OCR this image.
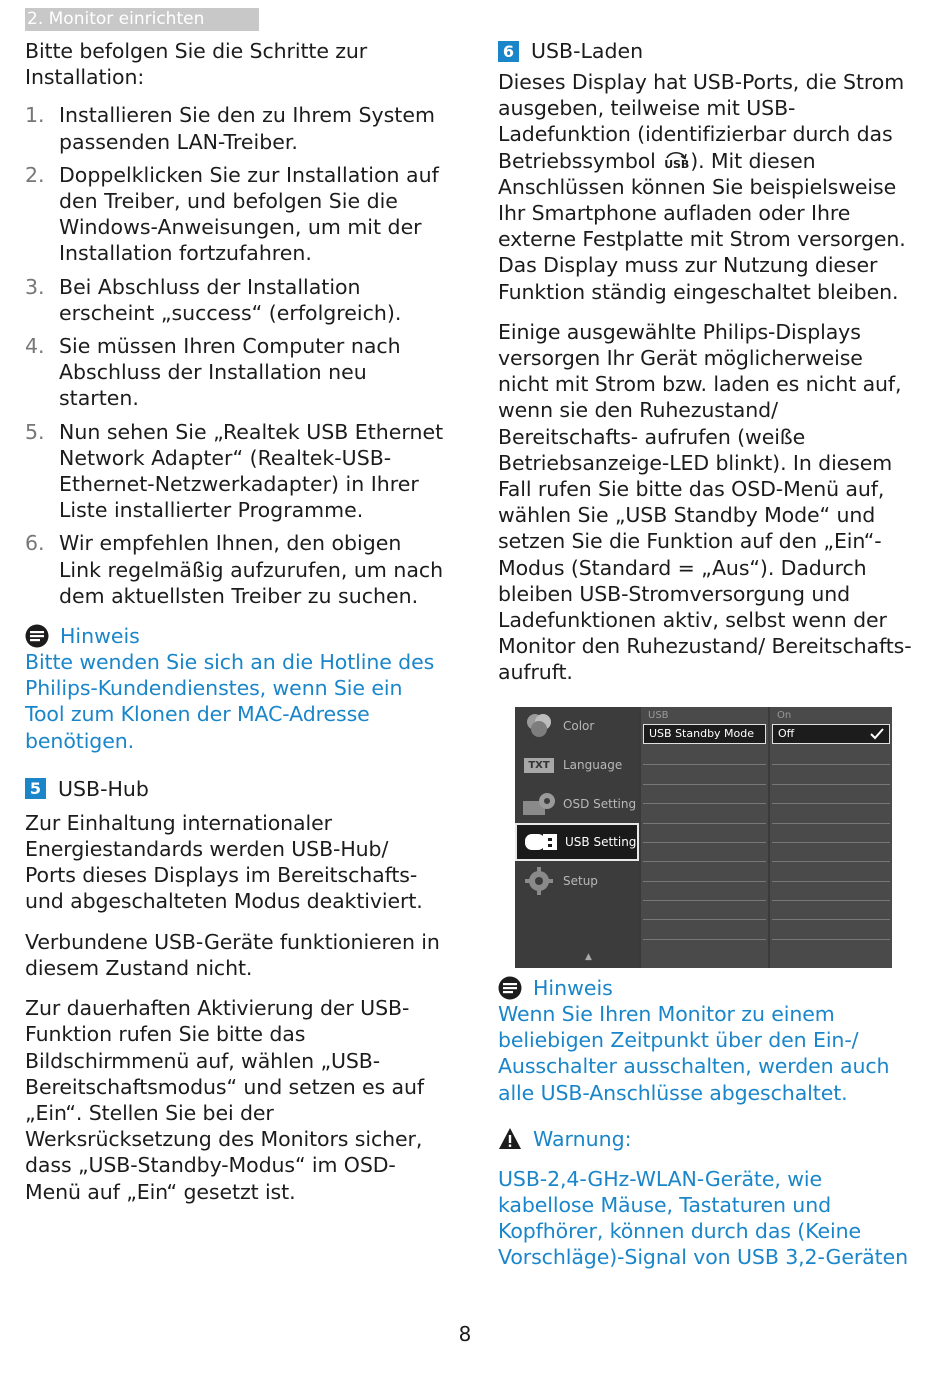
2. Monitor einrichten

Bitte befolgen Sie die Schritte zur Installation:

1. Installieren Sie den zu Ihrem System passenden LAN-Treiber.
2. Doppelklicken Sie zur Installation auf den Treiber, und befolgen Sie die Windows-Anweisungen, um mit der Installation fortzufahren.
3. Bei Abschluss der Installation erscheint „success“ (erfolgreich).
4. Sie müssen Ihren Computer nach Abschluss der Installation neu starten.
5. Nun sehen Sie „Realtek USB Ethernet Network Adapter“ (Realtek-USB-Ethernet-Netzwerkadapter) in Ihrer Liste installierter Programme.
6. Wir empfehlen Ihnen, den obigen Link regelmäßig aufzurufen, um nach dem aktuellsten Treiber zu suchen.
Hinweis

Bitte wenden Sie sich an die Hotline des Philips-Kundendienstes, wenn Sie ein Tool zum Klonen der MAC-Adresse benötigen.

5 USB-Hub

Zur Einhaltung internationaler Energiestandards werden USB-Hub/ Ports dieses Displays im Bereitschafts- und abgeschalteten Modus deaktiviert.

Verbundene USB-Geräte funktionieren in diesem Zustand nicht.

Zur dauerhaften Aktivierung der USB-Funktion rufen Sie bitte das Bildschirmmenü auf, wählen „USB-Bereitschaftsmodus“ und setzen es auf „Ein“. Stellen Sie bei der Werksrücksetzung des Monitors sicher, dass „USB-Standby-Modus“ im OSD-Menü auf „Ein“ gesetzt ist.

6 USB-Laden

Dieses Display hat USB-Ports, die Strom ausgeben, teilweise mit USB-Ladefunktion (identifizierbar durch das Betriebssymbol USB ). Mit diesen Anschlüssen können Sie beispielsweise Ihr Smartphone aufladen oder Ihre externe Festplatte mit Strom versorgen. Das Display muss zur Nutzung dieser Funktion ständig eingeschaltet bleiben.

Einige ausgewählte Philips-Displays versorgen Ihr Gerät möglicherweise nicht mit Strom bzw. laden es nicht auf, wenn sie den Ruhezustand/ Bereitschafts- aufrufen (weiße Betriebsanzeige-LED blinkt). In diesem Fall rufen Sie bitte das OSD-Menü auf, wählen Sie „USB Standby Mode“ und setzen Sie die Funktion auf den „Ein“-Modus (Standard = „Aus“). Dadurch bleiben USB-Stromversorgung und Ladefunktionen aktiv, selbst wenn der Monitor den Ruhezustand/ Bereitschafts- aufruft.

Color
TXT	Language
OSD Setting
USB Setting
Setup
▲
USB
USB Standby Mode
On
Off
Hinweis

Wenn Sie Ihren Monitor zu einem beliebigen Zeitpunkt über den Ein-/ Ausschalter ausschalten, werden auch alle USB-Anschlüsse abgeschaltet.

Warnung:

USB-2,4-GHz-WLAN-Geräte, wie kabellose Mäuse, Tastaturen und Kopfhörer, können durch das (Keine Vorschläge)-Signal von USB 3,2-Geräten

8
